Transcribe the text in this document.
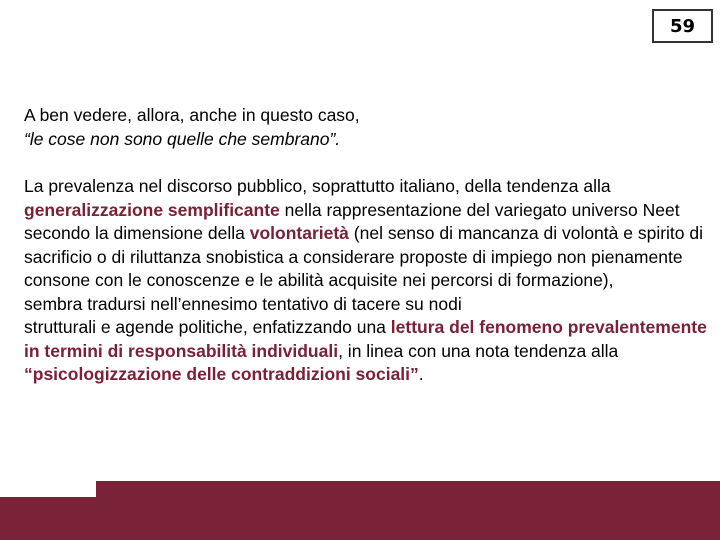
59
A ben vedere, allora, anche in questo caso,
“le cose non sono quelle che sembrano”.
La prevalenza nel discorso pubblico, soprattutto italiano, della tendenza alla generalizzazione semplificante nella rappresentazione del variegato universo Neet secondo la dimensione della volontarietà (nel senso di mancanza di volontà e spirito di sacrificio o di riluttanza snobistica a considerare proposte di impiego non pienamente consone con le conoscenze e le abilità acquisite nei percorsi di formazione),
sembra tradursi nell’ennesimo tentativo di tacere su nodi
strutturali e agende politiche, enfatizzando una lettura del fenomeno prevalentemente in termini di responsabilità individuali, in linea con una nota tendenza alla “psicologizzazione delle contraddizioni sociali”.
